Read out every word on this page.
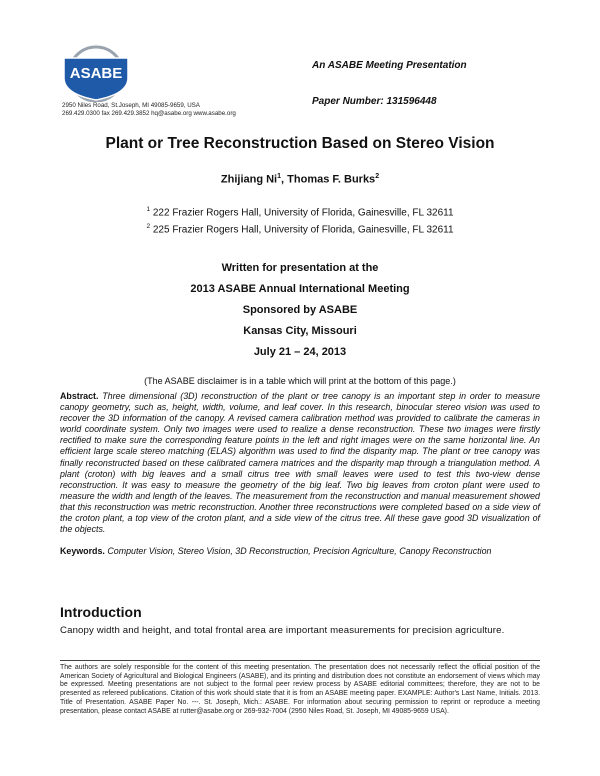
ASABE
2950 Niles Road, St.Joseph, MI 49085-9659, USA
269.429.0300 fax 269.429.3852 hq@asabe.org www.asabe.org
An ASABE Meeting Presentation
Paper Number: 131596448
Plant or Tree Reconstruction Based on Stereo Vision
Zhijiang Ni$^1$, Thomas F. Burks$^2$
$^1$ 222 Frazier Rogers Hall, University of Florida, Gainesville, FL 32611
$^2$ 225 Frazier Rogers Hall, University of Florida, Gainesville, FL 32611
Written for presentation at the
2013 ASABE Annual International Meeting
Sponsored by ASABE
Kansas City, Missouri
July 21 – 24, 2013
(The ASABE disclaimer is in a table which will print at the bottom of this page.)
Abstract. Three dimensional (3D) reconstruction of the plant or tree canopy is an important step in order to measure canopy geometry, such as, height, width, volume, and leaf cover. In this research, binocular stereo vision was used to recover the 3D information of the canopy. A revised camera calibration method was provided to calibrate the cameras in world coordinate system. Only two images were used to realize a dense reconstruction. These two images were firstly rectified to make sure the corresponding feature points in the left and right images were on the same horizontal line. An efficient large scale stereo matching (ELAS) algorithm was used to find the disparity map. The plant or tree canopy was finally reconstructed based on these calibrated camera matrices and the disparity map through a triangulation method. A plant (croton) with big leaves and a small citrus tree with small leaves were used to test this two-view dense reconstruction. It was easy to measure the geometry of the big leaf. Two big leaves from croton plant were used to measure the width and length of the leaves. The measurement from the reconstruction and manual measurement showed that this reconstruction was metric reconstruction. Another three reconstructions were completed based on a side view of the croton plant, a top view of the croton plant, and a side view of the citrus tree. All these gave good 3D visualization of the objects.
Keywords. Computer Vision, Stereo Vision, 3D Reconstruction, Precision Agriculture, Canopy Reconstruction
Introduction
Canopy width and height, and total frontal area are important measurements for precision agriculture.
The authors are solely responsible for the content of this meeting presentation. The presentation does not necessarily reflect the official position of the American Society of Agricultural and Biological Engineers (ASABE), and its printing and distribution does not constitute an endorsement of views which may be expressed. Meeting presentations are not subject to the formal peer review process by ASABE editorial committees; therefore, they are not to be presented as refereed publications. Citation of this work should state that it is from an ASABE meeting paper. EXAMPLE: Author's Last Name, Initials. 2013. Title of Presentation. ASABE Paper No. ---. St. Joseph, Mich.: ASABE. For information about securing permission to reprint or reproduce a meeting presentation, please contact ASABE at rutter@asabe.org or 269-932-7004 (2950 Niles Road, St. Joseph, MI 49085-9659 USA).
